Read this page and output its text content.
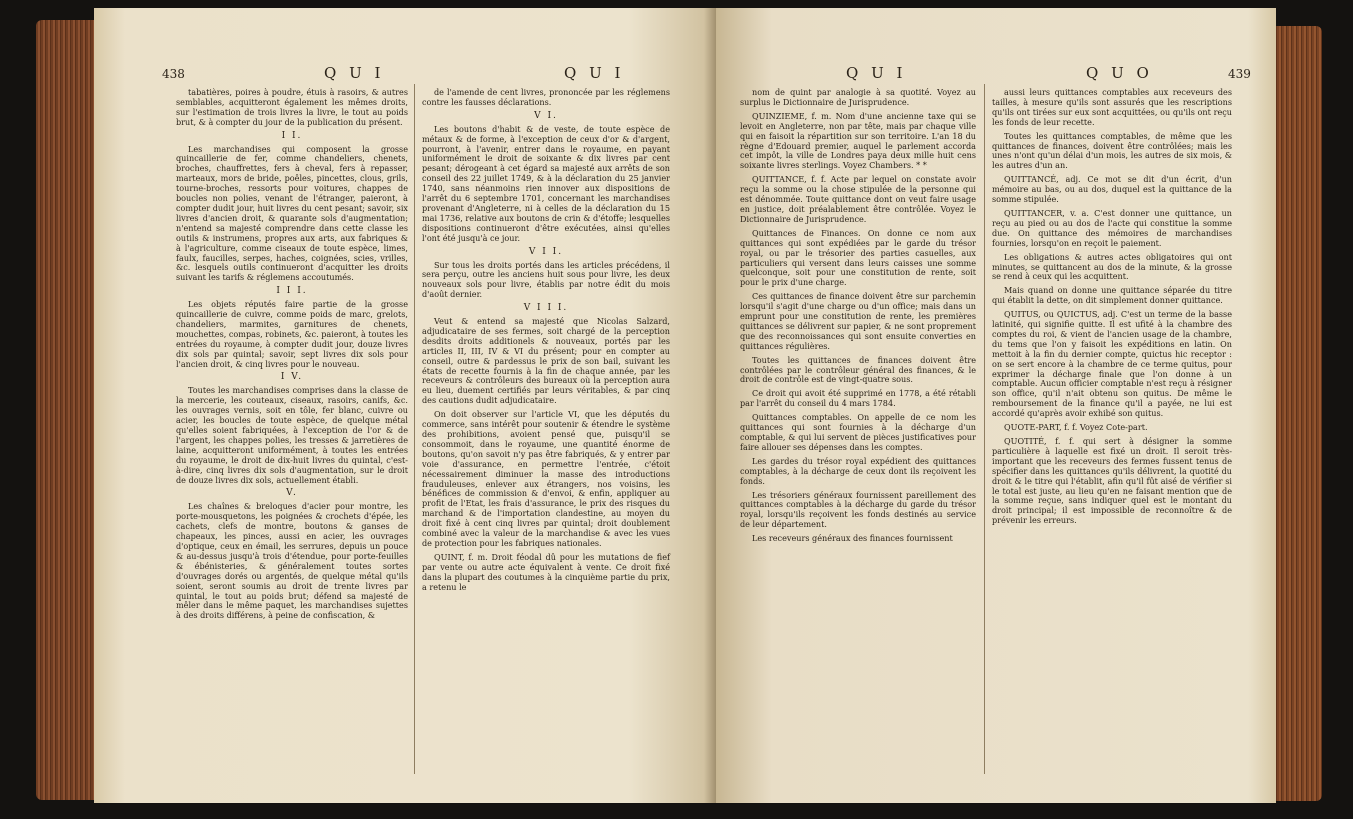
438	Q U I	Q U I

tabatières, poires à poudre, étuis à rasoirs, & autres semblables, acquitteront également les mêmes droits, sur l'estimation de trois livres la livre, le tout au poids brut, & à compter du jour de la publication du présent.

I I.

Les marchandises qui composent la grosse quincaillerie de fer, comme chandeliers, chenets, broches, chauffrettes, fers à cheval, fers à repasser, marteaux, mors de bride, poêles, pincettes, clous, grils, tourne-broches, ressorts pour voitures, chappes de boucles non polies, venant de l'étranger, paieront, à compter dudit jour, huit livres du cent pesant; savoir, six livres d'ancien droit, & quarante sols d'augmentation; n'entend sa majesté comprendre dans cette classe les outils & instrumens, propres aux arts, aux fabriques & à l'agriculture, comme ciseaux de toute espèce, limes, faulx, faucilles, serpes, haches, coignées, scies, vrilles, &c. lesquels outils continueront d'acquitter les droits suivant les tarifs & réglemens accoutumés.

I I I.

Les objets réputés faire partie de la grosse quincaillerie de cuivre, comme poids de marc, grelots, chandeliers, marmites, garnitures de chenets, mouchettes, compas, robinets, &c. paieront, à toutes les entrées du royaume, à compter dudit jour, douze livres dix sols par quintal; savoir, sept livres dix sols pour l'ancien droit, & cinq livres pour le nouveau.

I V.

Toutes les marchandises comprises dans la classe de la mercerie, les couteaux, ciseaux, rasoirs, canifs, &c. les ouvrages vernis, soit en tôle, fer blanc, cuivre ou acier, les boucles de toute espèce, de quelque métal qu'elles soient fabriquées, à l'exception de l'or & de l'argent, les chappes polies, les tresses & jarretières de laine, acquitteront uniformément, à toutes les entrées du royaume, le droit de dix-huit livres du quintal, c'est-à-dire, cinq livres dix sols d'augmentation, sur le droit de douze livres dix sols, actuellement établi.

V.

Les chaînes & breloques d'acier pour montre, les porte-mousquetons, les poignées & crochets d'épée, les cachets, clefs de montre, boutons & ganses de chapeaux, les pinces, aussi en acier, les ouvrages d'optique, ceux en émail, les serrures, depuis un pouce & au-dessus jusqu'à trois d'étendue, pour porte-feuilles & ébénisteries, & généralement toutes sortes d'ouvrages dorés ou argentés, de quelque métal qu'ils soient, seront soumis au droit de trente livres par quintal, le tout au poids brut; défend sa majesté de mêler dans le même paquet, les marchandises sujettes à des droits différens, à peine de confiscation, &

de l'amende de cent livres, prononcée par les réglemens contre les fausses déclarations.

V I.

Les boutons d'habit & de veste, de toute espèce de métaux & de forme, à l'exception de ceux d'or & d'argent, pourront, à l'avenir, entrer dans le royaume, en payant uniformément le droit de soixante & dix livres par cent pesant; dérogeant à cet égard sa majesté aux arrêts de son conseil des 22 juillet 1749, & à la déclaration du 25 janvier 1740, sans néanmoins rien innover aux dispositions de l'arrêt du 6 septembre 1701, concernant les marchandises provenant d'Angleterre, ni à celles de la déclaration du 15 mai 1736, relative aux boutons de crin & d'étoffe; lesquelles dispositions continueront d'être exécutées, ainsi qu'elles l'ont été jusqu'à ce jour.

V I I.

Sur tous les droits portés dans les articles précédens, il sera perçu, outre les anciens huit sous pour livre, les deux nouveaux sols pour livre, établis par notre édit du mois d'août dernier.

V I I I.

Veut & entend sa majesté que Nicolas Salzard, adjudicataire de ses fermes, soit chargé de la perception desdits droits additionels & nouveaux, portés par les articles II, III, IV & VI du présent; pour en compter au conseil, outre & pardessus le prix de son bail, suivant les états de recette fournis à la fin de chaque année, par les receveurs & contrôleurs des bureaux où la perception aura eu lieu, duement certifiés par leurs véritables, & par cinq des cautions dudit adjudicataire.

On doit observer sur l'article VI, que les députés du commerce, sans intérêt pour soutenir & étendre le système des prohibitions, avoient pensé que, puisqu'il se consommoit, dans le royaume, une quantité énorme de boutons, qu'on savoit n'y pas être fabriqués, & y entrer par voie d'assurance, en permettre l'entrée, c'étoit nécessairement diminuer la masse des introductions frauduleuses, enlever aux étrangers, nos voisins, les bénéfices de commission & d'envoi, & enfin, appliquer au profit de l'Etat, les frais d'assurance, le prix des risques du marchand & de l'importation clandestine, au moyen du droit fixé à cent cinq livres par quintal; droit doublement combiné avec la valeur de la marchandise & avec les vues de protection pour les fabriques nationales.

QUINT, f. m. Droit féodal dû pour les mutations de fief par vente ou autre acte équivalent à vente. Ce droit fixé dans la plupart des coutumes à la cinquième partie du prix, a retenu le

Q U I	Q U O	439

nom de quint par analogie à sa quotité. Voyez au surplus le Dictionnaire de Jurisprudence.

QUINZIEME, f. m. Nom d'une ancienne taxe qui se levoit en Angleterre, non par tête, mais par chaque ville qui en faisoit la répartition sur son territoire. L'an 18 du règne d'Edouard premier, auquel le parlement accorda cet impôt, la ville de Londres paya deux mille huit cens soixante livres sterlings. Voyez Chambers. * *

QUITTANCE, f. f. Acte par lequel on constate avoir reçu la somme ou la chose stipulée de la personne qui est dénommée. Toute quittance dont on veut faire usage en justice, doit préalablement être contrôlée. Voyez le Dictionnaire de Jurisprudence.

Quittances de Finances. On donne ce nom aux quittances qui sont expédiées par le garde du trésor royal, ou par le trésorier des parties casuelles, aux particuliers qui versent dans leurs caisses une somme quelconque, soit pour une constitution de rente, soit pour le prix d'une charge.

Ces quittances de finance doivent être sur parchemin lorsqu'il s'agit d'une charge ou d'un office; mais dans un emprunt pour une constitution de rente, les premières quittances se délivrent sur papier, & ne sont proprement que des reconnoissances qui sont ensuite converties en quittances régulières.

Toutes les quittances de finances doivent être contrôlées par le contrôleur général des finances, & le droit de contrôle est de vingt-quatre sous.

Ce droit qui avoit été supprimé en 1778, a été rétabli par l'arrêt du conseil du 4 mars 1784.

Quittances comptables. On appelle de ce nom les quittances qui sont fournies à la décharge d'un comptable, & qui lui servent de pièces justificatives pour faire allouer ses dépenses dans les comptes.

Les gardes du trésor royal expédient des quittances comptables, à la décharge de ceux dont ils reçoivent les fonds.

Les trésoriers généraux fournissent pareillement des quittances comptables à la décharge du garde du trésor royal, lorsqu'ils reçoivent les fonds destinés au service de leur département.

Les receveurs généraux des finances fournissent

aussi leurs quittances comptables aux receveurs des tailles, à mesure qu'ils sont assurés que les rescriptions qu'ils ont tirées sur eux sont acquittées, ou qu'ils ont reçu les fonds de leur recette.

Toutes les quittances comptables, de même que les quittances de finances, doivent être contrôlées; mais les unes n'ont qu'un délai d'un mois, les autres de six mois, & les autres d'un an.

QUITTANCÉ, adj. Ce mot se dit d'un écrit, d'un mémoire au bas, ou au dos, duquel est la quittance de la somme stipulée.

QUITTANCER, v. a. C'est donner une quittance, un reçu au pied ou au dos de l'acte qui constitue la somme due. On quittance des mémoires de marchandises fournies, lorsqu'on en reçoit le paiement.

Les obligations & autres actes obligatoires qui ont minutes, se quittancent au dos de la minute, & la grosse se rend à ceux qui les acquittent.

Mais quand on donne une quittance séparée du titre qui établit la dette, on dit simplement donner quittance.

QUITUS, ou QUICTUS, adj. C'est un terme de la basse latinité, qui signifie quitte. Il est ufité à la chambre des comptes du roi, & vient de l'ancien usage de la chambre, du tems que l'on y faisoit les expéditions en latin. On mettoit à la fin du dernier compte, quictus hic receptor : on se sert encore à la chambre de ce terme quitus, pour exprimer la décharge finale que l'on donne à un comptable. Aucun officier comptable n'est reçu à résigner son office, qu'il n'ait obtenu son quitus. De même le remboursement de la finance qu'il a payée, ne lui est accordé qu'après avoir exhibé son quitus.

QUOTE-PART, f. f. Voyez Cote-part.

QUOTITÉ, f. f. qui sert à désigner la somme particulière à laquelle est fixé un droit. Il seroit très-important que les receveurs des fermes fussent tenus de spécifier dans les quittances qu'ils délivrent, la quotité du droit & le titre qui l'établit, afin qu'il fût aisé de vérifier si le total est juste, au lieu qu'en ne faisant mention que de la somme reçue, sans indiquer quel est le montant du droit principal; il est impossible de reconnoître & de prévenir les erreurs.
